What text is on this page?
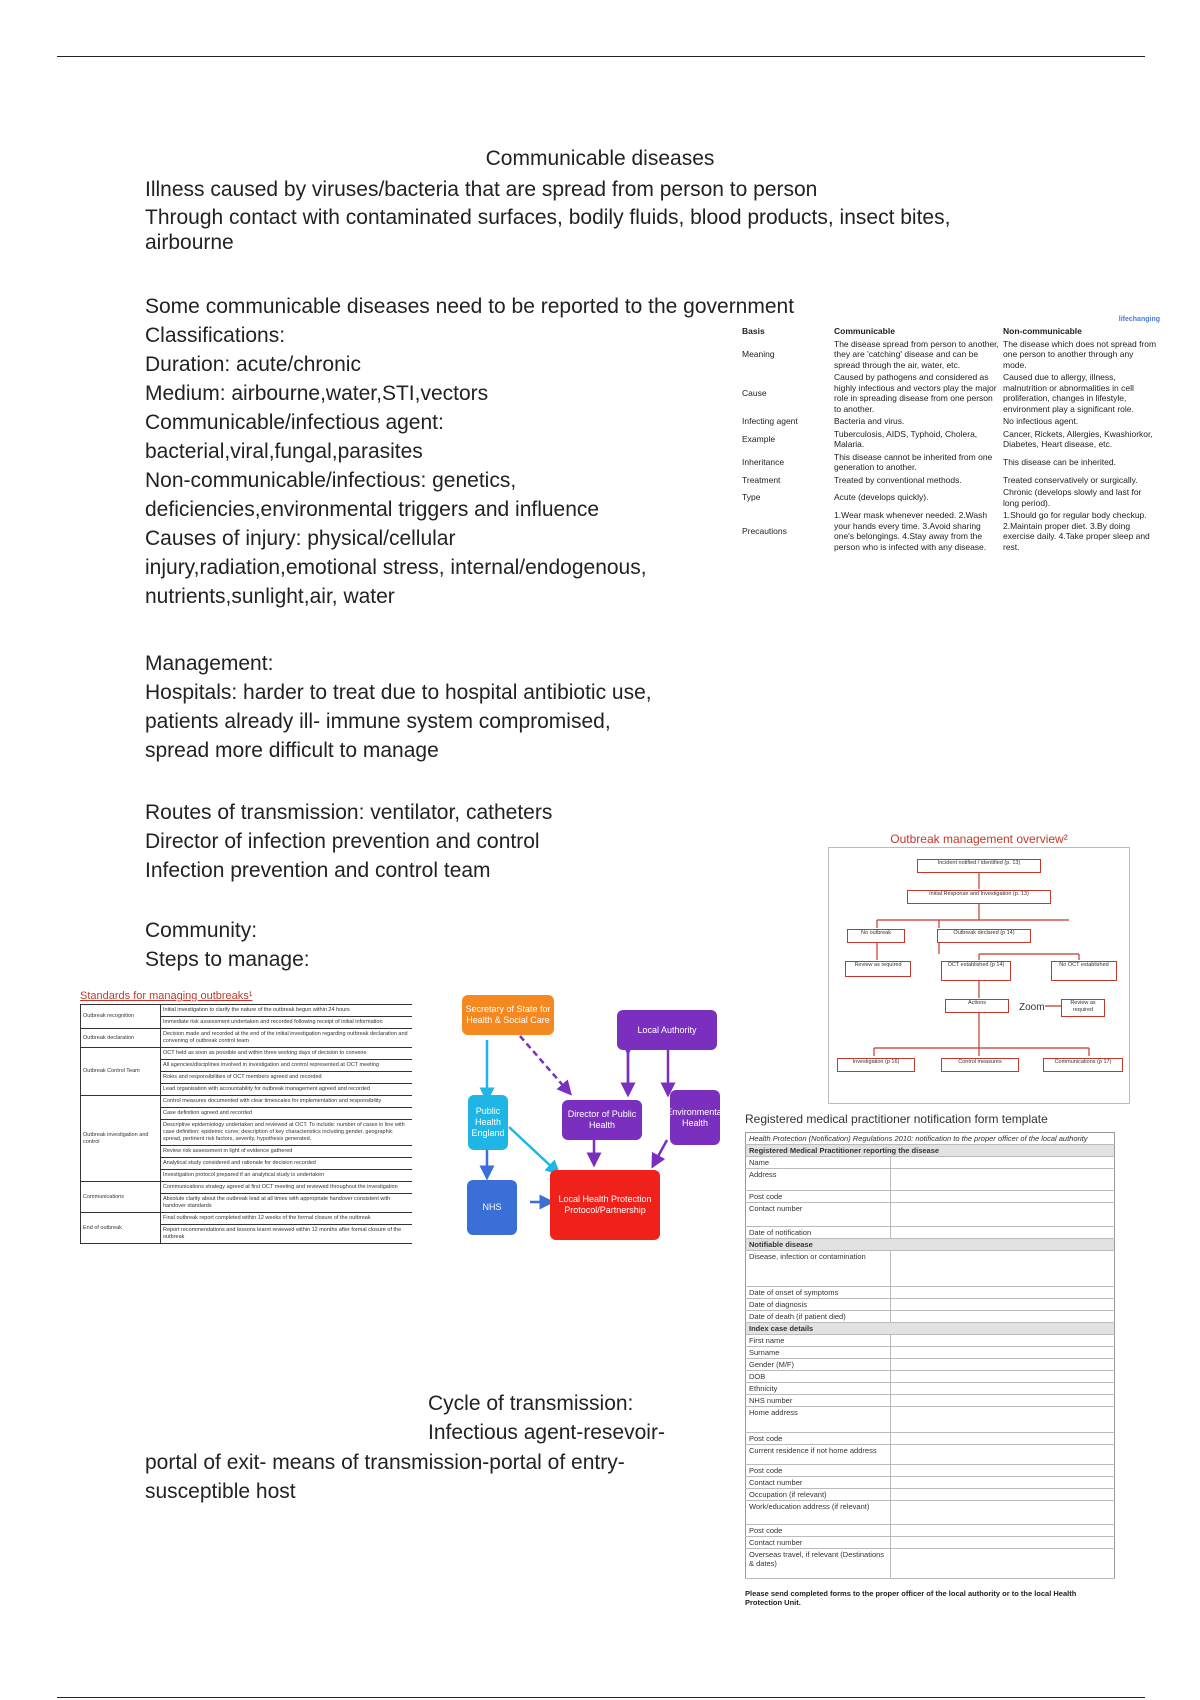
Communicable diseases
Illness caused by viruses/bacteria that are spread from person to person
Through contact with contaminated surfaces, bodily fluids, blood products, insect bites,
airbourne
Some communicable diseases need to be reported to the government
Classifications:
Duration: acute/chronic
Medium: airbourne,water,STI,vectors
Communicable/infectious agent:
bacterial,viral,fungal,parasites
Non-communicable/infectious: genetics,
deficiencies,environmental triggers and influence
Causes of injury: physical/cellular
injury,radiation,emotional stress, internal/endogenous,
nutrients,sunlight,air, water
Management:
Hospitals: harder to treat due to hospital antibiotic use,
patients already ill- immune system compromised,
spread more difficult to manage
Routes of transmission: ventilator, catheters
Director of infection prevention and control
Infection prevention and control team
Community:
Steps to manage:
Cycle of transmission:
Infectious agent-resevoir-
portal of exit- means of transmission-portal of entry-
susceptible host
lifechanging
Basis	Communicable	Non-communicable
Meaning	The disease spread from person to another, they are 'catching' disease and can be spread through the air, water, etc.	The disease which does not spread from one person to another through any mode.
Cause	Caused by pathogens and considered as highly infectious and vectors play the major role in spreading disease from one person to another.	Caused due to allergy, illness, malnutrition or abnormalities in cell proliferation, changes in lifestyle, environment play a significant role.
Infecting agent	Bacteria and virus.	No infectious agent.
Example	Tuberculosis, AIDS, Typhoid, Cholera, Malaria.	Cancer, Rickets, Allergies, Kwashiorkor, Diabetes, Heart disease, etc.
Inheritance	This disease cannot be inherited from one generation to another.	This disease can be inherited.
Treatment	Treated by conventional methods.	Treated conservatively or surgically.
Type	Acute (develops quickly).	Chronic (develops slowly and last for long period).
Precautions	1.Wear mask whenever needed. 2.Wash your hands every time. 3.Avoid sharing one's belongings. 4.Stay away from the person who is infected with any disease.	1.Should go for regular body checkup. 2.Maintain proper diet. 3.By doing exercise daily. 4.Take proper sleep and rest.
Outbreak management overview²
Incident notified / identified (p. 13)
Initial Response and Investigation (p. 13)
No outbreak	Outbreak declared (p 14)
Review as required	OCT established (p 14)	No OCT established
Actions	Review as required
Investigation (p 16)	Control measures	Communications (p 17)
Zoom
Standards for managing outbreaks¹
Outbreak recognition	Initial investigation to clarify the nature of the outbreak begun within 24 hours
	Immediate risk assessment undertaken and recorded following receipt of initial information
Outbreak declaration	Decision made and recorded at the end of the initial investigation regarding outbreak declaration and convening of outbreak control team
Outbreak Control Team	OCT held as soon as possible and within three working days of decision to convene
	All agencies/disciplines involved in investigation and control represented at OCT meeting
	Roles and responsibilities of OCT members agreed and recorded
	Lead organisation with accountability for outbreak management agreed and recorded
Outbreak investigation and control	Control measures documented with clear timescales for implementation and responsibility
	Case definition agreed and recorded
	Descriptive epidemiology undertaken and reviewed at OCT. To include: number of cases in line with case definition; epidemic curve; description of key characteristics including gender, geographic spread, pertinent risk factors, severity, hypothesis generated.
	Review risk assessment in light of evidence gathered
	Analytical study considered and rationale for decision recorded
	Investigation protocol prepared if an analytical study is undertaken
Communications	Communications strategy agreed at first OCT meeting and reviewed throughout the investigation
	Absolute clarity about the outbreak lead at all times with appropriate handover consistent with handover standards
End of outbreak	Final outbreak report completed within 12 weeks of the formal closure of the outbreak
	Report recommendations and lessons learnt reviewed within 12 months after formal closure of the outbreak
Secretary of State for Health & Social Care
Local Authority
Public Health England
Director of Public Health
Environmental Health
NHS
Local Health Protection Protocol/Partnership
Registered medical practitioner notification form template
Health Protection (Notification) Regulations 2010: notification to the proper officer of the local authority	
Registered Medical Practitioner reporting the disease	
Name	
Address	
Post code	
Contact number	
Date of notification	
Notifiable disease	
Disease, infection or contamination	
Date of onset of symptoms	
Date of diagnosis	
Date of death (if patient died)	
Index case details	
First name	
Surname	
Gender (M/F)	
DOB	
Ethnicity	
NHS number	
Home address	
Post code	
Current residence if not home address	
Post code	
Contact number	
Occupation (if relevant)	
Work/education address (if relevant)	
Post code	
Contact number	
Overseas travel, if relevant (Destinations & dates)	
Please send completed forms to the proper officer of the local authority or to the local Health Protection Unit.
